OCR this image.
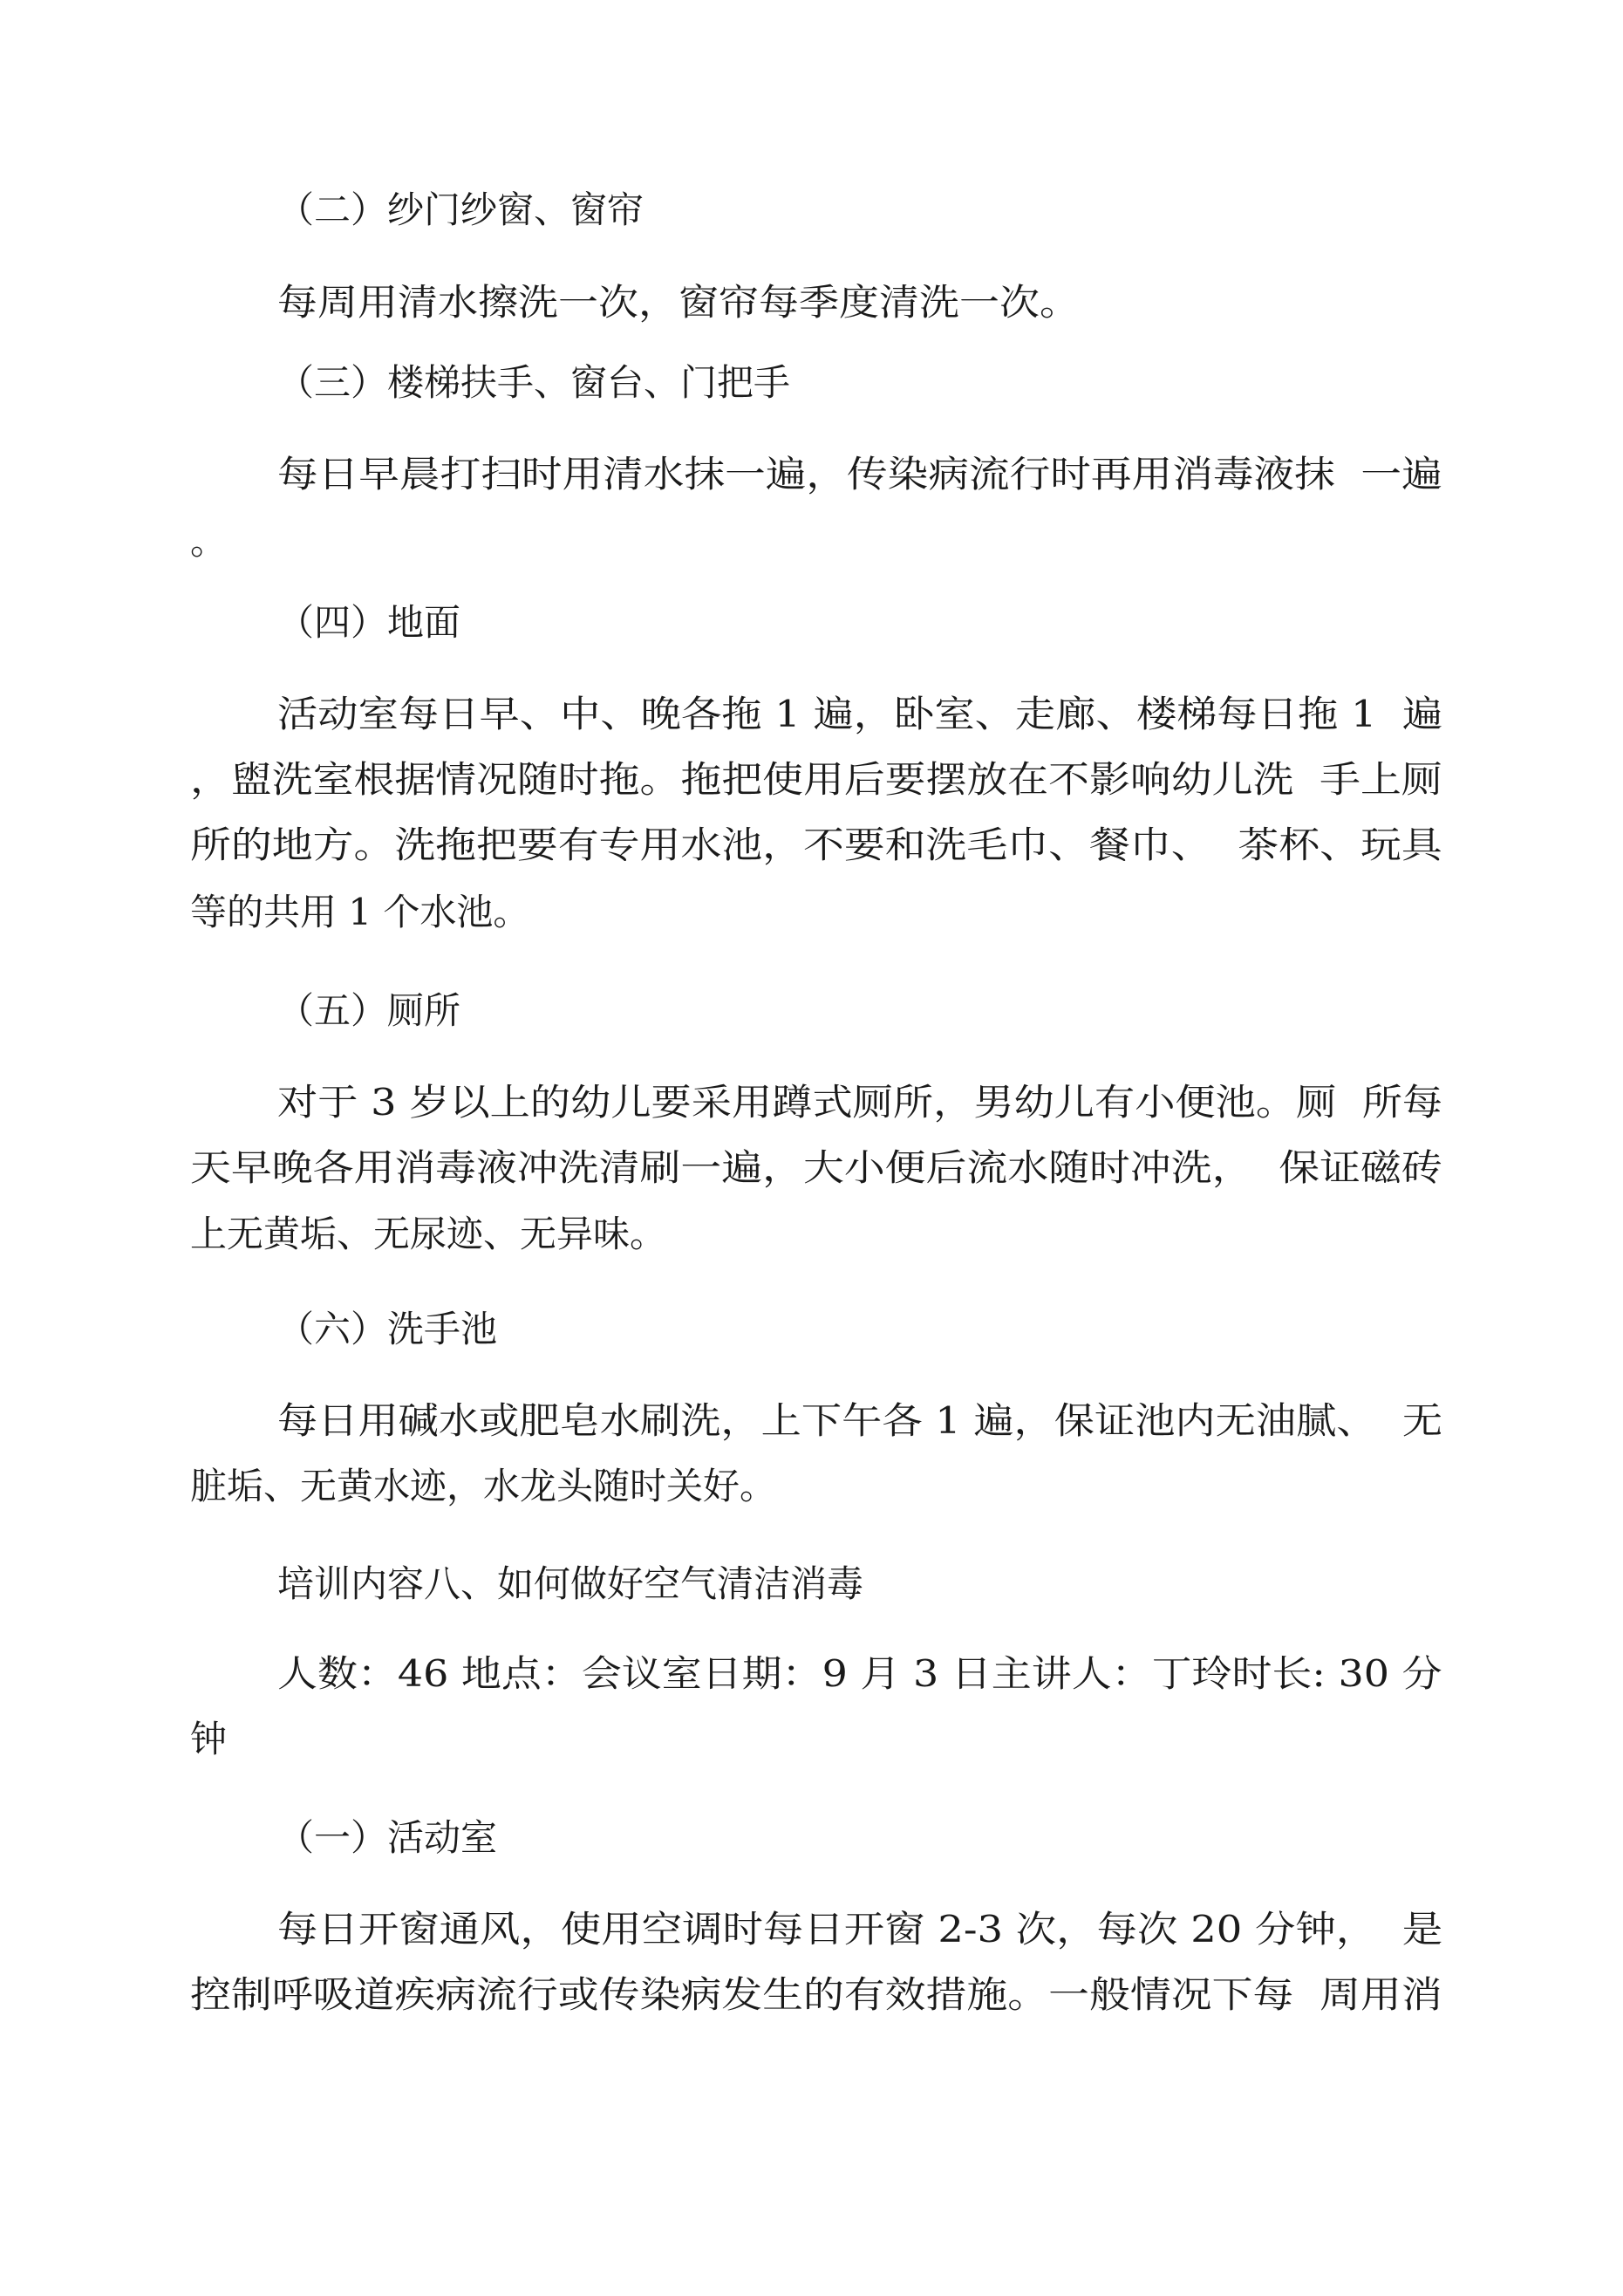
（二）纱门纱窗、窗帘
每周用清水擦洗一次，窗帘每季度清洗一次。
（三）楼梯扶手、窗台、门把手
每日早晨打扫时用清水抹一遍，传染病流行时再用消毒液抹  一遍
。
（四）地面
活动室每日早、中、晚各拖 1 遍，卧室、走廊、楼梯每日拖 1  遍
，盥洗室根据情况随时拖。拖把使用后要摆放在不影响幼儿洗  手上厕
所的地方。洗拖把要有专用水池，不要和洗毛巾、餐巾、  茶杯、玩具
等的共用 1 个水池。
（五）厕所
对于 3 岁以上的幼儿要采用蹲式厕所，男幼儿有小便池。厕  所每
天早晚各用消毒液冲洗清刷一遍，大小便后流水随时冲洗，  保证磁砖
上无黄垢、无尿迹、无异味。
（六）洗手池
每日用碱水或肥皂水刷洗，上下午各 1 遍，保证池内无油腻、  无
脏垢、无黄水迹，水龙头随时关好。
培训内容八、如何做好空气清洁消毒
人数：46 地点：会议室日期：9 月 3 日主讲人：丁玲时长: 30 分
钟
（一）活动室
每日开窗通风，使用空调时每日开窗 2-3 次，每次 20 分钟，  是
控制呼吸道疾病流行或传染病发生的有效措施。一般情况下每  周用消
